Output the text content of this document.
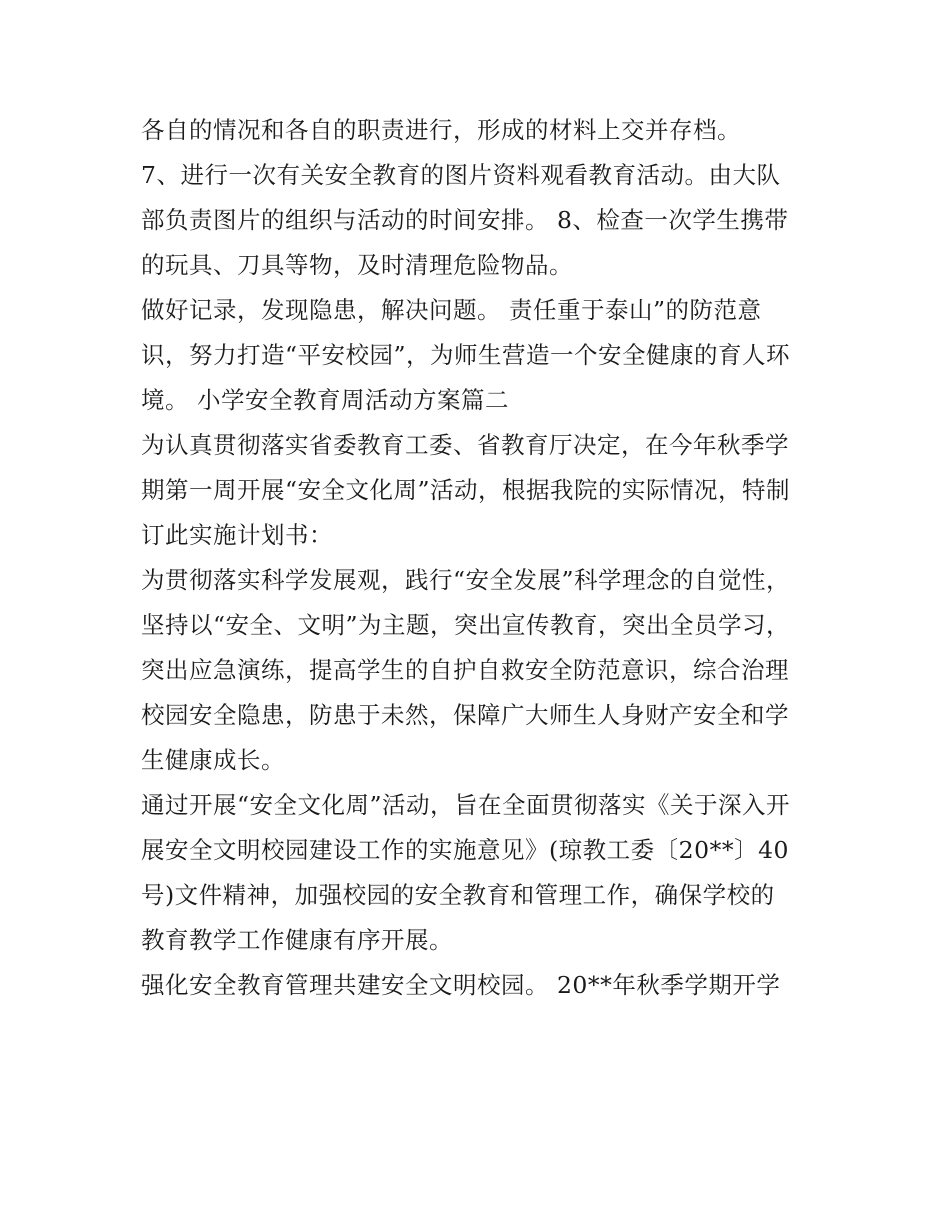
各自的情况和各自的职责进行，形成的材料上交并存档。

7、进行一次有关安全教育的图片资料观看教育活动。由大队

部负责图片的组织与活动的时间安排。 8、检查一次学生携带

的玩具、刀具等物，及时清理危险物品。

做好记录，发现隐患，解决问题。 责任重于泰山”的防范意

识，努力打造“平安校园”，为师生营造一个安全健康的育人环

境。 小学安全教育周活动方案篇二

为认真贯彻落实省委教育工委、省教育厅决定，在今年秋季学

期第一周开展“安全文化周”活动，根据我院的实际情况，特制

订此实施计划书：

为贯彻落实科学发展观，践行“安全发展”科学理念的自觉性，

坚持以“安全、文明”为主题，突出宣传教育，突出全员学习，

突出应急演练，提高学生的自护自救安全防范意识，综合治理

校园安全隐患，防患于未然，保障广大师生人身财产安全和学

生健康成长。

通过开展“安全文化周”活动，旨在全面贯彻落实《关于深入开

展安全文明校园建设工作的实施意见》(琼教工委〔20**〕40

号)文件精神，加强校园的安全教育和管理工作，确保学校的

教育教学工作健康有序开展。

强化安全教育管理共建安全文明校园。 20**年秋季学期开学
